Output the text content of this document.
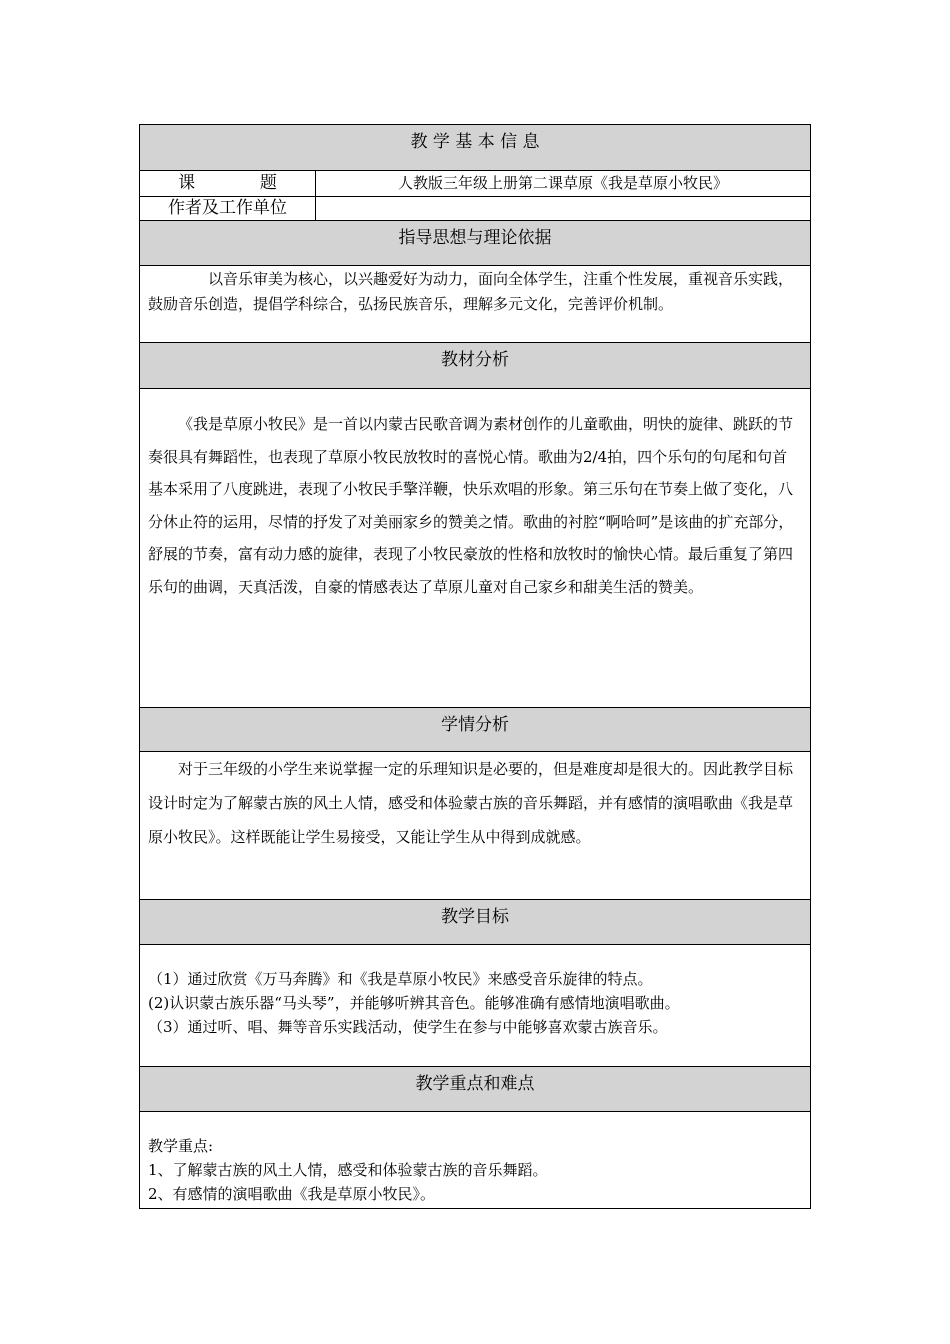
教 学 基 本 信 息
课            题	人教版三年级上册第二课草原《我是草原小牧民》
作者及工作单位
指导思想与理论依据

以音乐审美为核心，以兴趣爱好为动力，面向全体学生，注重个性发展，重视音乐实践，鼓励音乐创造，提倡学科综合，弘扬民族音乐，理解多元文化，完善评价机制。

教材分析

《我是草原小牧民》是一首以内蒙古民歌音调为素材创作的儿童歌曲，明快的旋律、跳跃的节奏很具有舞蹈性，也表现了草原小牧民放牧时的喜悦心情。歌曲为2/4拍，四个乐句的句尾和句首基本采用了八度跳进，表现了小牧民手擎洋鞭，快乐欢唱的形象。第三乐句在节奏上做了变化，八分休止符的运用，尽情的抒发了对美丽家乡的赞美之情。歌曲的衬腔“啊哈呵”是该曲的扩充部分，舒展的节奏，富有动力感的旋律，表现了小牧民豪放的性格和放牧时的愉快心情。最后重复了第四乐句的曲调，天真活泼，自豪的情感表达了草原儿童对自己家乡和甜美生活的赞美。

学情分析

对于三年级的小学生来说掌握一定的乐理知识是必要的，但是难度却是很大的。因此教学目标设计时定为了解蒙古族的风土人情，感受和体验蒙古族的音乐舞蹈，并有感情的演唱歌曲《我是草原小牧民》。这样既能让学生易接受，又能让学生从中得到成就感。

教学目标

（1）通过欣赏《万马奔腾》和《我是草原小牧民》来感受音乐旋律的特点。

(2)认识蒙古族乐器“马头琴”，并能够听辨其音色。能够准确有感情地演唱歌曲。

（3）通过听、唱、舞等音乐实践活动，使学生在参与中能够喜欢蒙古族音乐。

教学重点和难点

教学重点:

1、了解蒙古族的风土人情，感受和体验蒙古族的音乐舞蹈。

2、有感情的演唱歌曲《我是草原小牧民》。
